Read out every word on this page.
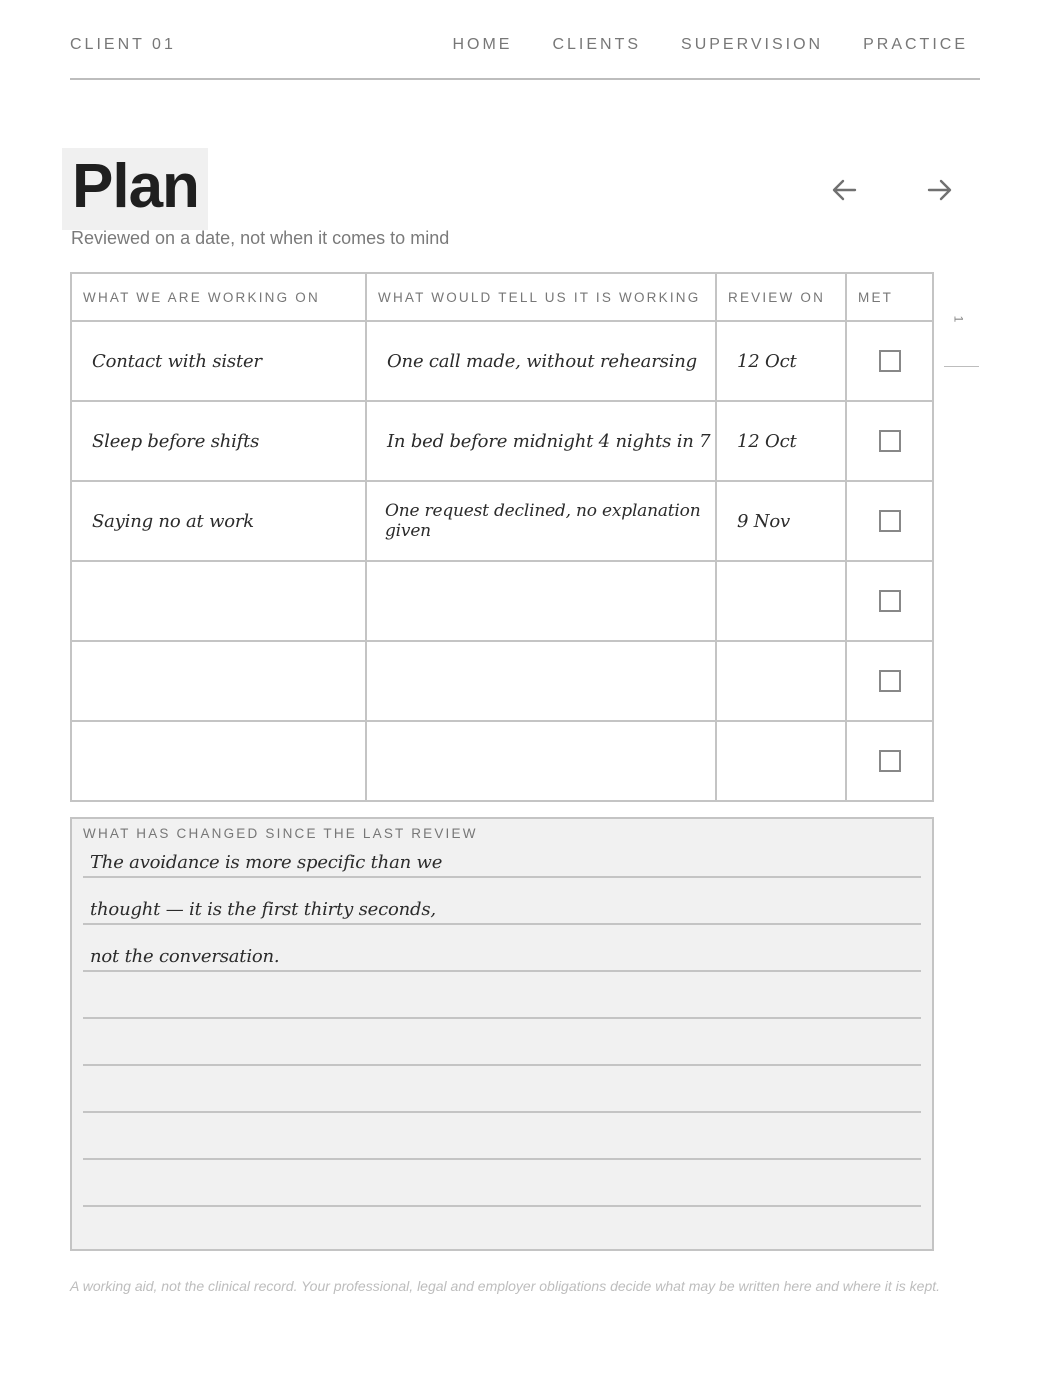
CLIENT 01	HOME	CLIENTS	SUPERVISION	PRACTICE
Plan
Reviewed on a date, not when it comes to mind
1
WHAT WE ARE WORKING ON	WHAT WOULD TELL US IT IS WORKING	REVIEW ON	MET
Contact with sister	One call made, without rehearsing	12 Oct	
Sleep before shifts	In bed before midnight 4 nights in 7	12 Oct	
Saying no at work	One request declined, no explanation given	9 Nov	

WHAT HAS CHANGED SINCE THE LAST REVIEW
The avoidance is more specific than we
thought — it is the first thirty seconds,
not the conversation.
A working aid, not the clinical record. Your professional, legal and employer obligations decide what may be written here and where it is kept.
